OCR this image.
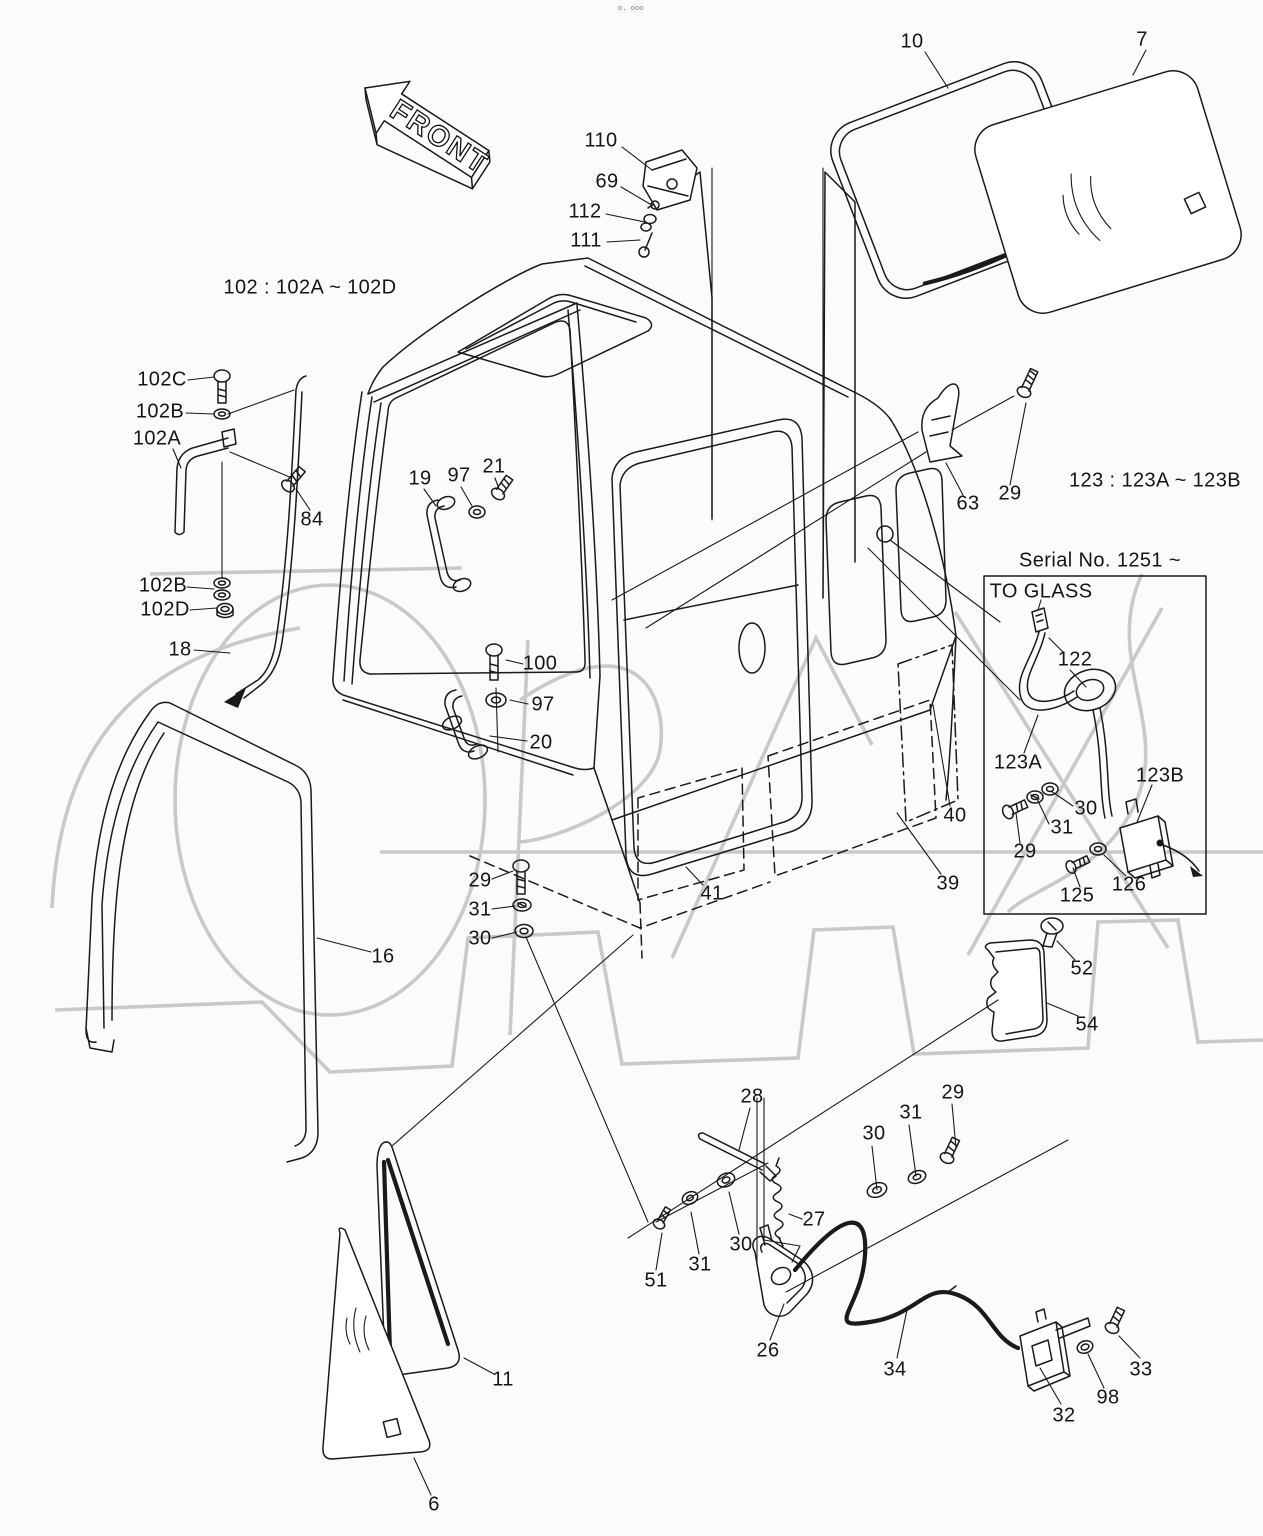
FRONT
o. ooo
10	7
110
69
112
111
102 : 102A ~ 102D
102C
102B
102A
84
19 97 21
63 29
123 : 123A ~ 123B
Serial No. 1251 ~
TO GLASS
122
123A
30
31
29
123B
125 126
100
97
20
40
39
41
29
31
30
16
18
102B
102D
52
54
28
30
31
29
27
51
31
30
26
34
32
98
33
11
6
